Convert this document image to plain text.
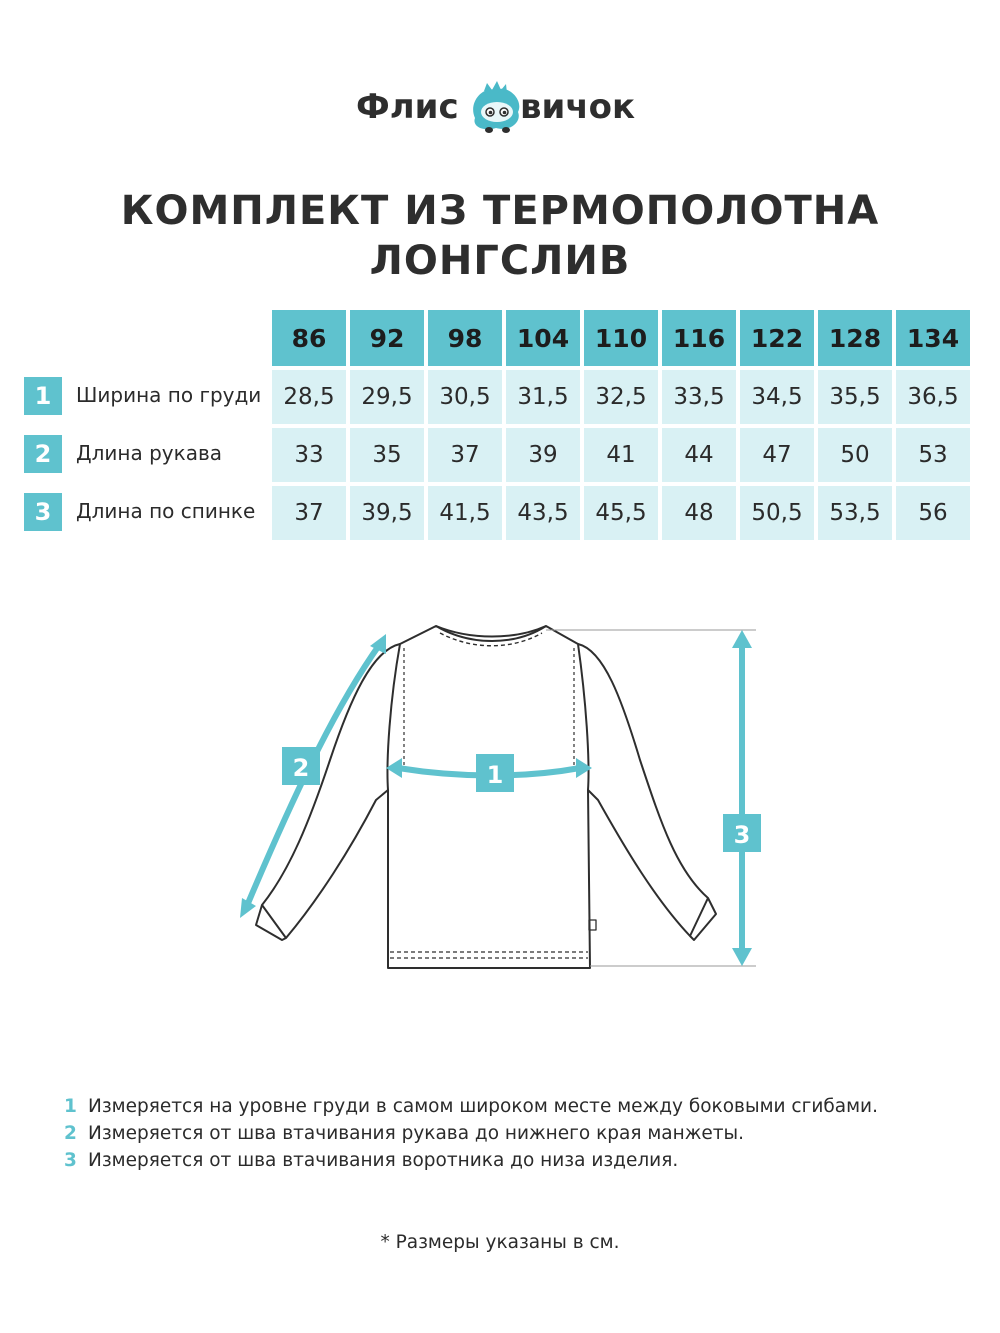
Флис вичок
КОМПЛЕКТ ИЗ ТЕРМОПОЛОТНА
ЛОНГСЛИВ
86	92	98	104	110	116	122	128	134
1	Ширина по груди 28,5	29,5	30,5	31,5	32,5	33,5	34,5	35,5	36,5
2	Длина рукава	33	35	37	39	41	44	47	50	53
3	Длина по спинке	37	39,5	41,5	43,5	45,5	48	50,5	53,5	56
1
2
3
1 Измеряется на уровне груди в самом широком месте между боковыми сгибами.
2 Измеряется от шва втачивания рукава до нижнего края манжеты.
3 Измеряется от шва втачивания воротника до низа изделия.
* Размеры указаны в см.
